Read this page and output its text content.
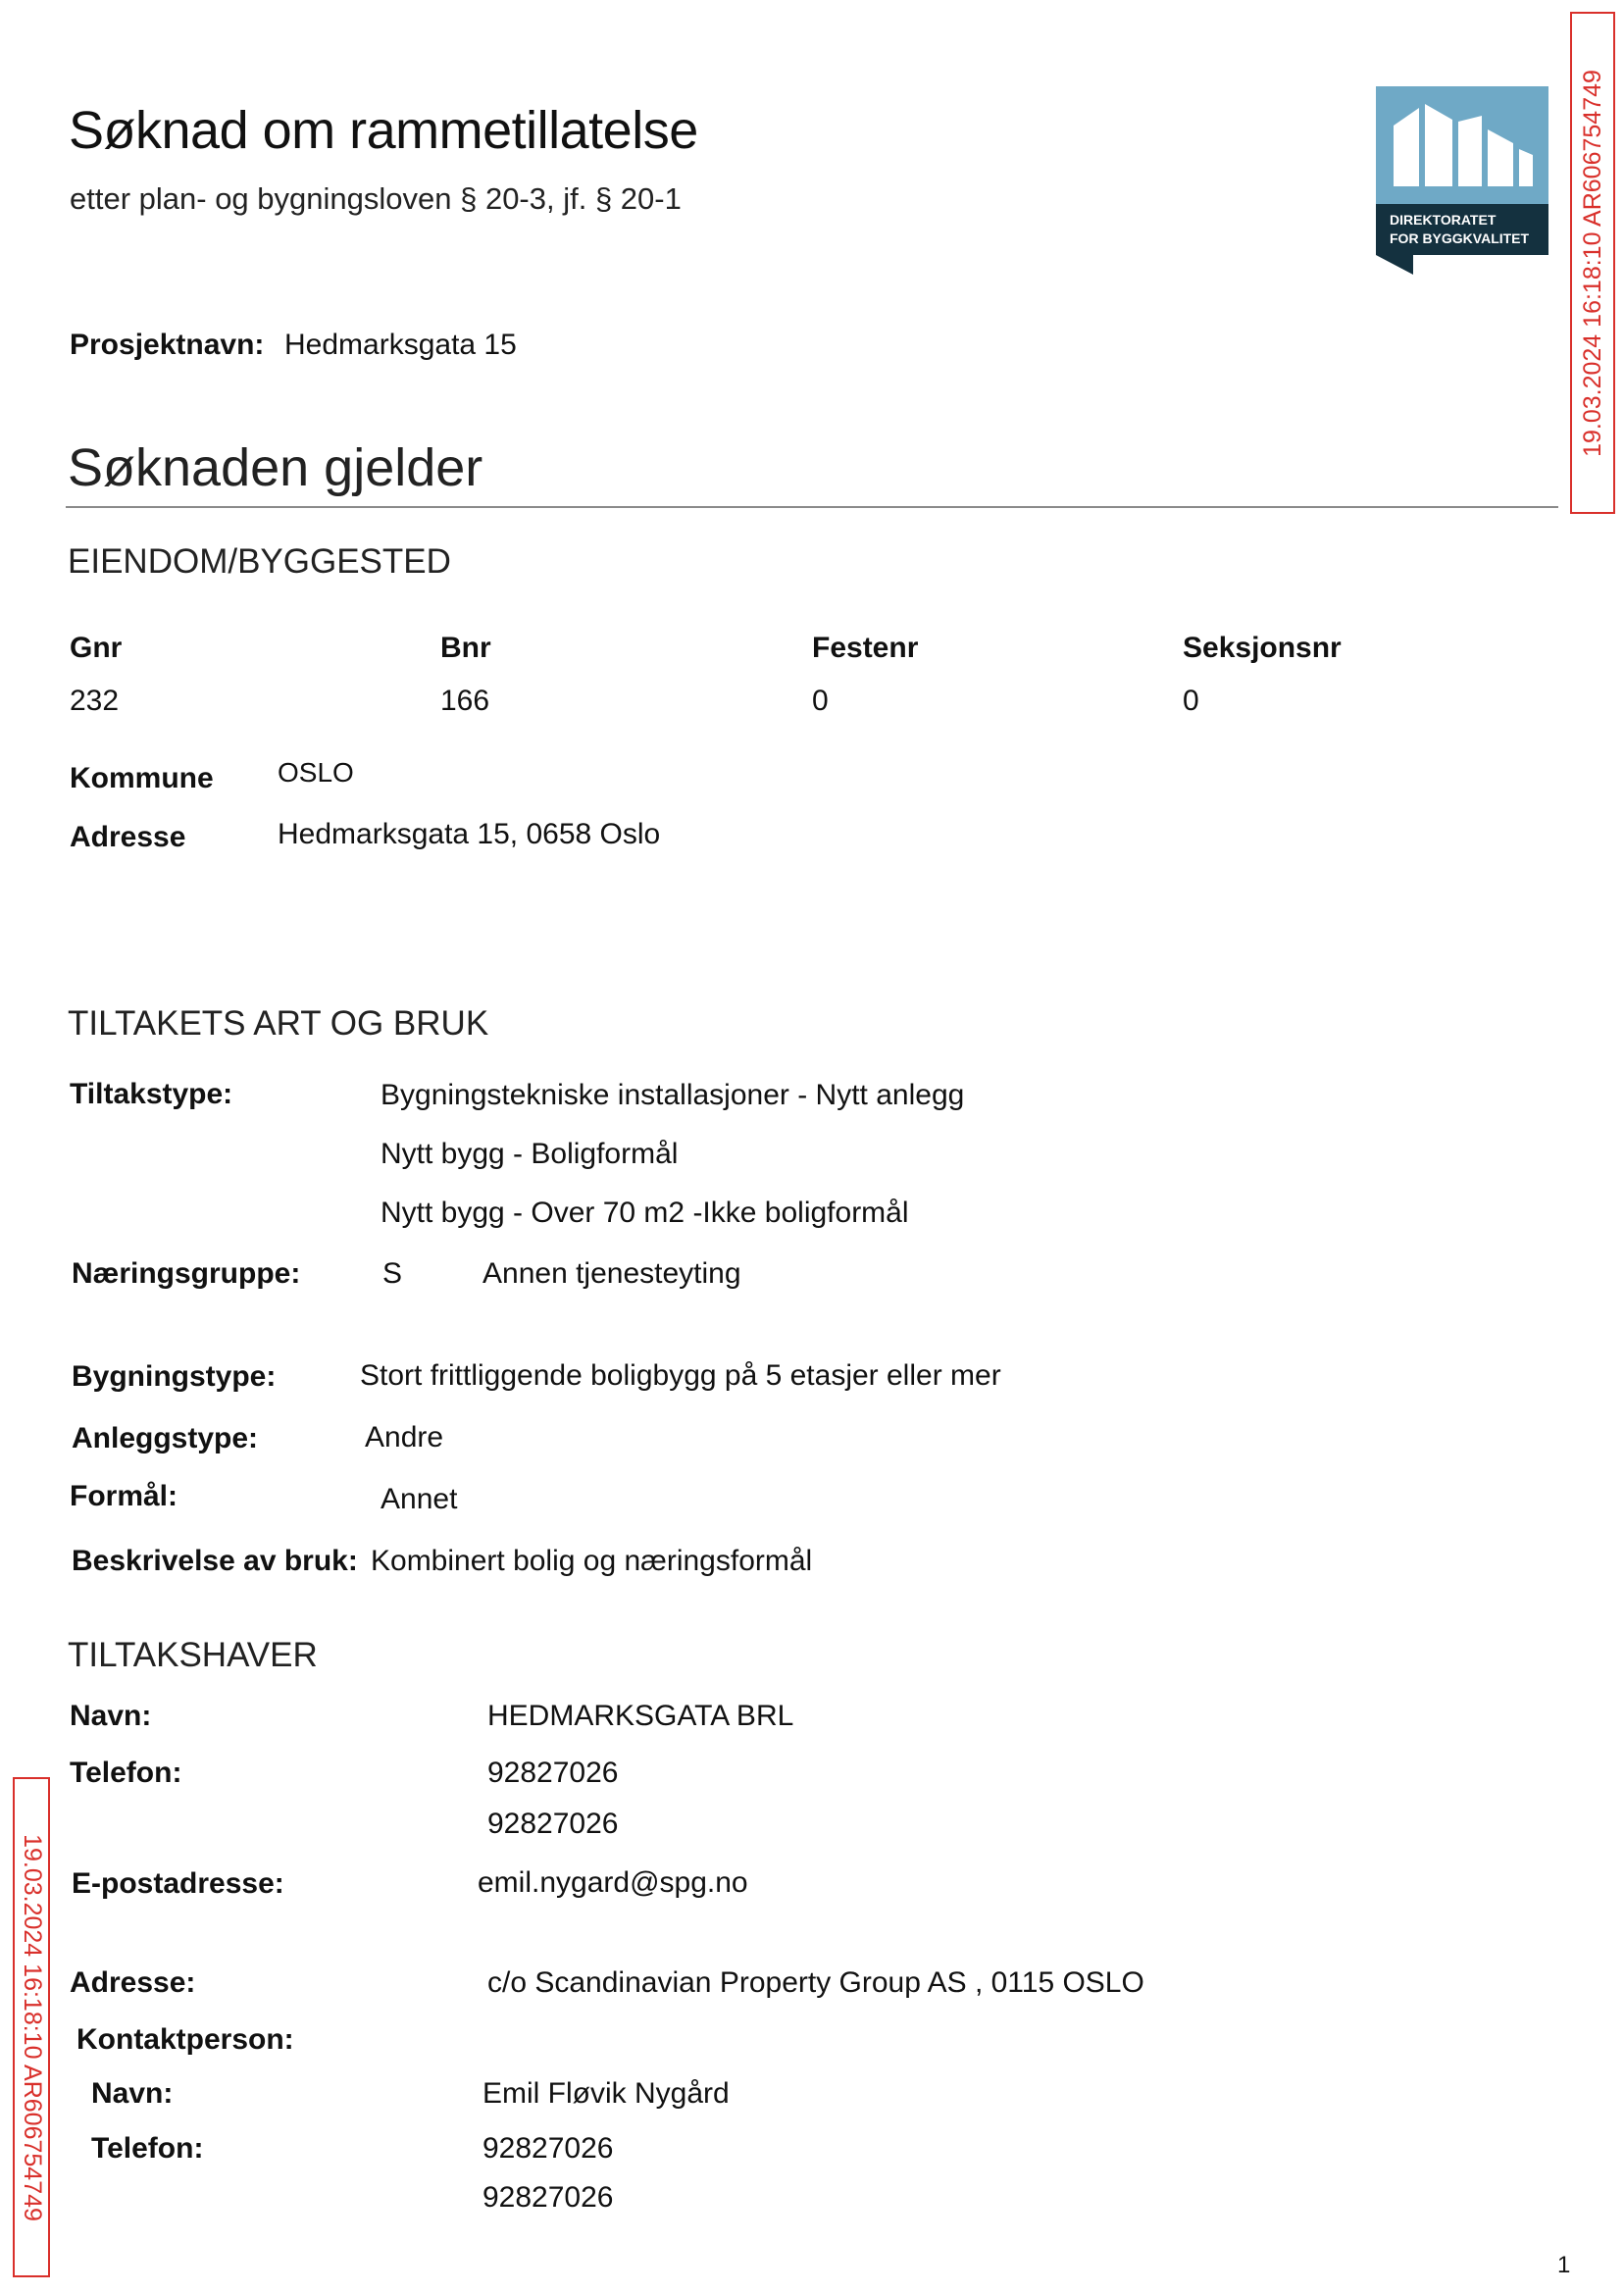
Søknad om rammetillatelse
etter plan- og bygningsloven § 20-3, jf. § 20-1
DIREKTORATET
FOR BYGGKVALITET 19.03.2024 16:18:10 AR606754749
19.03.2024 16:18:10 AR606754749
Prosjektnavn: Hedmarksgata 15
Søknaden gjelder
EIENDOM/BYGGESTED
Gnr	Bnr	Festenr	Seksjonsnr
232	166	0	0
Kommune OSLO
Adresse	Hedmarksgata 15, 0658 Oslo
TILTAKETS ART OG BRUK
Tiltakstype:	Bygningstekniske installasjoner - Nytt anlegg
Nytt bygg - Boligformål
Nytt bygg - Over 70 m2 -Ikke boligformål
Næringsgruppe:	S	Annen tjenesteyting
Bygningstype:	Stort frittliggende boligbygg på 5 etasjer eller mer
Anleggstype:	Andre
Formål:	Annet
Beskrivelse av bruk: Kombinert bolig og næringsformål
TILTAKSHAVER
Navn:	HEDMARKSGATA BRL
Telefon:	92827026
92827026
E-postadresse:	emil.nygard@spg.no
Adresse:	c/o Scandinavian Property Group AS , 0115 OSLO
Kontaktperson:
Navn:	Emil Fløvik Nygård
Telefon:	92827026
92827026
1
